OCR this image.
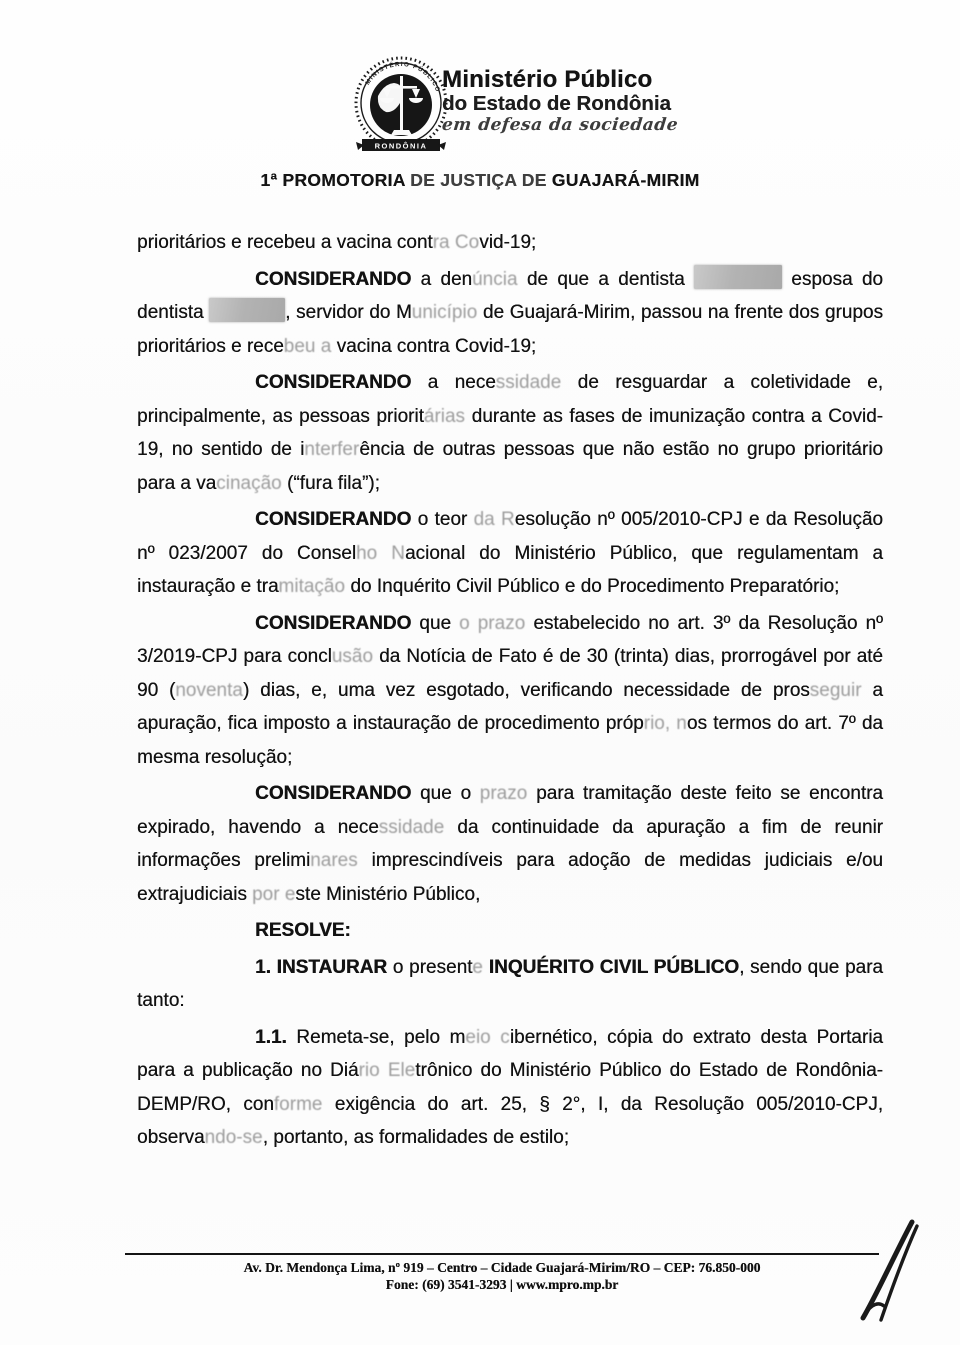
MINISTÉRIO PÚBLICO
RONDÔNIA
Ministério Público
do Estado de Rondônia
em defesa da sociedade
1ª PROMOTORIA DE JUSTIÇA DE GUAJARÁ-MIRIM

prioritários e recebeu a vacina contra Covid-19;

CONSIDERANDO a denúncia de que a dentista	esposa do dentista	, servidor do Município de Guajará-Mirim, passou na frente dos grupos prioritários e recebeu a vacina contra Covid-19;

CONSIDERANDO a necessidade de resguardar a coletividade e, principalmente, as pessoas prioritárias durante as fases de imunização contra a Covid-19, no sentido de interferência de outras pessoas que não estão no grupo prioritário para a vacinação (“fura fila”);

CONSIDERANDO o teor da Resolução nº 005/2010-CPJ e da Resolução nº 023/2007 do Conselho Nacional do Ministério Público, que regulamentam a instauração e tramitação do Inquérito Civil Público e do Procedimento Preparatório;

CONSIDERANDO que o prazo estabelecido no art. 3º da Resolução nº 3/2019-CPJ para conclusão da Notícia de Fato é de 30 (trinta) dias, prorrogável por até 90 (noventa) dias, e, uma vez esgotado, verificando necessidade de prosseguir a apuração, fica imposto a instauração de procedimento próprio, nos termos do art. 7º da mesma resolução;

CONSIDERANDO que o prazo para tramitação deste feito se encontra expirado, havendo a necessidade da continuidade da apuração a fim de reunir informações preliminares imprescindíveis para adoção de medidas judiciais e/ou extrajudiciais por este Ministério Público,

RESOLVE:

1. INSTAURAR o presente INQUÉRITO CIVIL PÚBLICO, sendo que para tanto:

1.1. Remeta-se, pelo meio cibernético, cópia do extrato desta Portaria para a publicação no Diário Eletrônico do Ministério Público do Estado de Rondônia-DEMP/RO, conforme exigência do art. 25, § 2°, I, da Resolução 005/2010-CPJ, observando-se, portanto, as formalidades de estilo;

Av. Dr. Mendonça Lima, nº 919 – Centro – Cidade Guajará-Mirim/RO – CEP: 76.850-000
Fone: (69) 3541-3293 | www.mpro.mp.br
